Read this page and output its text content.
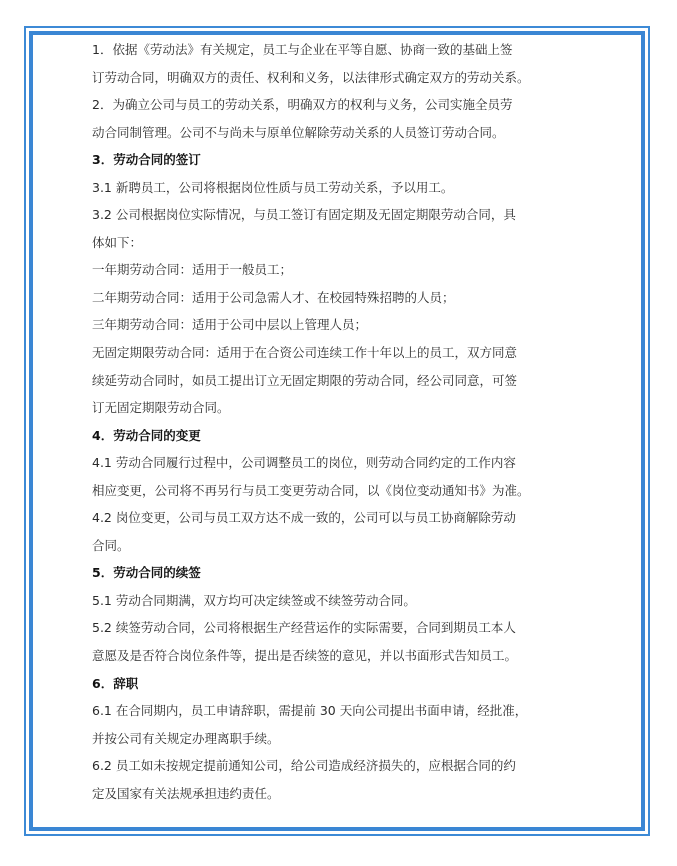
1．依据《劳动法》有关规定，员工与企业在平等自愿、协商一致的基础上签
订劳动合同，明确双方的责任、权利和义务，以法律形式确定双方的劳动关系。
2．为确立公司与员工的劳动关系，明确双方的权利与义务，公司实施全员劳
动合同制管理。公司不与尚未与原单位解除劳动关系的人员签订劳动合同。
3．劳动合同的签订
3.1 新聘员工，公司将根据岗位性质与员工劳动关系，予以用工。
3.2 公司根据岗位实际情况，与员工签订有固定期及无固定期限劳动合同，具
体如下：
一年期劳动合同：适用于一般员工；
二年期劳动合同：适用于公司急需人才、在校园特殊招聘的人员；
三年期劳动合同：适用于公司中层以上管理人员；
无固定期限劳动合同：适用于在合资公司连续工作十年以上的员工，双方同意
续延劳动合同时，如员工提出订立无固定期限的劳动合同，经公司同意，可签
订无固定期限劳动合同。
4．劳动合同的变更
4.1 劳动合同履行过程中，公司调整员工的岗位，则劳动合同约定的工作内容
相应变更，公司将不再另行与员工变更劳动合同，以《岗位变动通知书》为准。
4.2 岗位变更，公司与员工双方达不成一致的，公司可以与员工协商解除劳动
合同。
5．劳动合同的续签
5.1 劳动合同期满，双方均可决定续签或不续签劳动合同。
5.2 续签劳动合同，公司将根据生产经营运作的实际需要，合同到期员工本人
意愿及是否符合岗位条件等，提出是否续签的意见，并以书面形式告知员工。
6．辞职
6.1 在合同期内，员工申请辞职，需提前 30 天向公司提出书面申请，经批准，
并按公司有关规定办理离职手续。
6.2 员工如未按规定提前通知公司，给公司造成经济损失的，应根据合同的约
定及国家有关法规承担违约责任。
